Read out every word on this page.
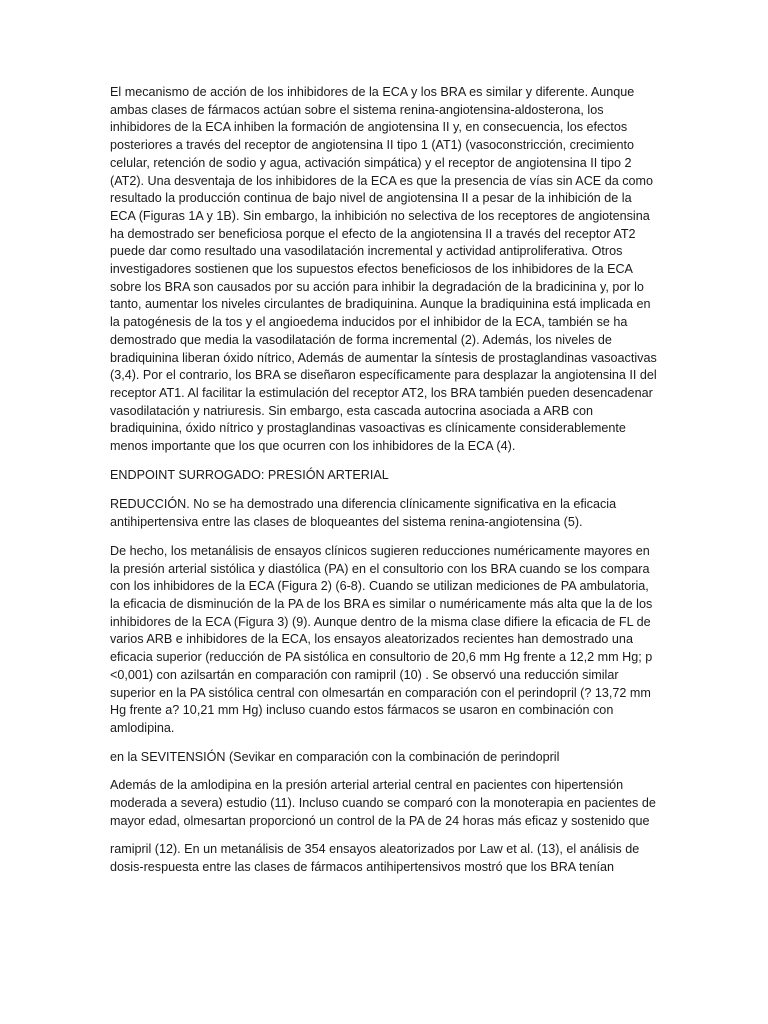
El mecanismo de acción de los inhibidores de la ECA y los BRA es similar y diferente. Aunque ambas clases de fármacos actúan sobre el sistema renina-angiotensina-aldosterona, los inhibidores de la ECA inhiben la formación de angiotensina II y, en consecuencia, los efectos posteriores a través del receptor de angiotensina II tipo 1 (AT1) (vasoconstricción, crecimiento celular, retención de sodio y agua, activación simpática) y el receptor de angiotensina II tipo 2 (AT2). Una desventaja de los inhibidores de la ECA es que la presencia de vías sin ACE da como resultado la producción continua de bajo nivel de angiotensina II a pesar de la inhibición de la ECA (Figuras 1A y 1B). Sin embargo, la inhibición no selectiva de los receptores de angiotensina ha demostrado ser beneficiosa porque el efecto de la angiotensina II a través del receptor AT2 puede dar como resultado una vasodilatación incremental y actividad antiproliferativa. Otros investigadores sostienen que los supuestos efectos beneficiosos de los inhibidores de la ECA sobre los BRA son causados por su acción para inhibir la degradación de la bradicinina y, por lo tanto, aumentar los niveles circulantes de bradiquinina. Aunque la bradiquinina está implicada en la patogénesis de la tos y el angioedema inducidos por el inhibidor de la ECA, también se ha demostrado que media la vasodilatación de forma incremental (2). Además, los niveles de bradiquinina liberan óxido nítrico, Además de aumentar la síntesis de prostaglandinas vasoactivas (3,4). Por el contrario, los BRA se diseñaron específicamente para desplazar la angiotensina II del receptor AT1. Al facilitar la estimulación del receptor AT2, los BRA también pueden desencadenar vasodilatación y natriuresis. Sin embargo, esta cascada autocrina asociada a ARB con bradiquinina, óxido nítrico y prostaglandinas vasoactivas es clínicamente considerablemente menos importante que los que ocurren con los inhibidores de la ECA (4).

ENDPOINT SURROGADO: PRESIÓN ARTERIAL

REDUCCIÓN. No se ha demostrado una diferencia clínicamente significativa en la eficacia antihipertensiva entre las clases de bloqueantes del sistema renina-angiotensina (5).

De hecho, los metanálisis de ensayos clínicos sugieren reducciones numéricamente mayores en la presión arterial sistólica y diastólica (PA) en el consultorio con los BRA cuando se los compara con los inhibidores de la ECA (Figura 2) (6-8). Cuando se utilizan mediciones de PA ambulatoria, la eficacia de disminución de la PA de los BRA es similar o numéricamente más alta que la de los inhibidores de la ECA (Figura 3) (9). Aunque dentro de la misma clase difiere la eficacia de FL de varios ARB e inhibidores de la ECA, los ensayos aleatorizados recientes han demostrado una eficacia superior (reducción de PA sistólica en consultorio de 20,6 mm Hg frente a 12,2 mm Hg; p <0,001) con azilsartán en comparación con ramipril (10) . Se observó una reducción similar superior en la PA sistólica central con olmesartán en comparación con el perindopril (? 13,72 mm Hg frente a? 10,21 mm Hg) incluso cuando estos fármacos se usaron en combinación con amlodipina.

en la SEVITENSIÓN (Sevikar en comparación con la combinación de perindopril

Además de la amlodipina en la presión arterial arterial central en pacientes con hipertensión moderada a severa) estudio (11). Incluso cuando se comparó con la monoterapia en pacientes de mayor edad, olmesartan proporcionó un control de la PA de 24 horas más eficaz y sostenido que

ramipril (12). En un metanálisis de 354 ensayos aleatorizados por Law et al. (13), el análisis de dosis-respuesta entre las clases de fármacos antihipertensivos mostró que los BRA tenían
